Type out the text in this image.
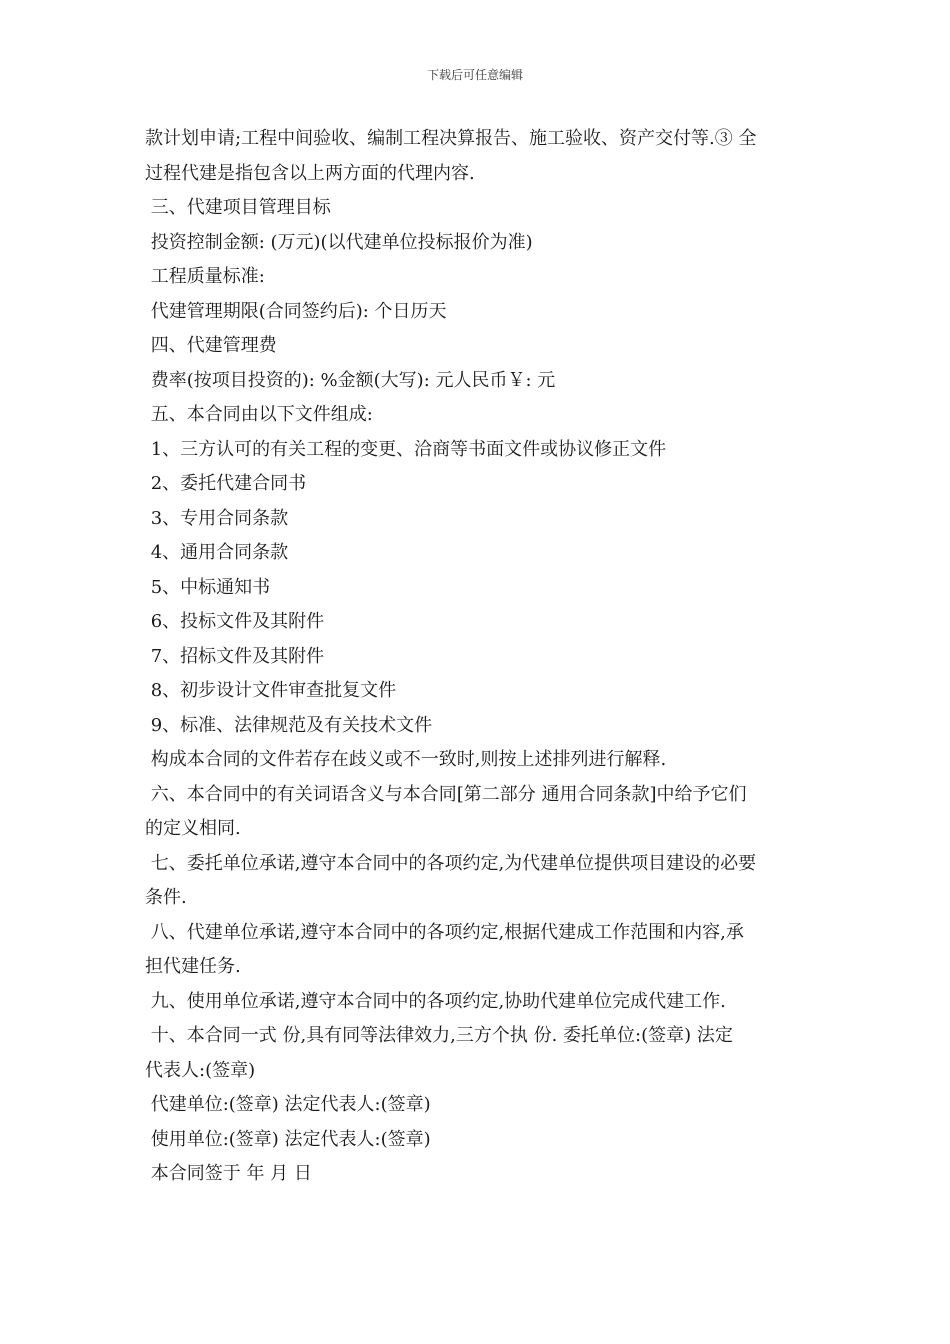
下载后可任意编辑

款计划申请;工程中间验收、编制工程决算报告、施工验收、资产交付等.③ 全

过程代建是指包含以上两方面的代理内容.

三、代建项目管理目标

投资控制金额: (万元)(以代建单位投标报价为准)

工程质量标准:

代建管理期限(合同签约后): 个日历天

四、代建管理费

费率(按项目投资的): %金额(大写): 元人民币￥: 元

五、本合同由以下文件组成:

1、三方认可的有关工程的变更、洽商等书面文件或协议修正文件

2、委托代建合同书

3、专用合同条款

4、通用合同条款

5、中标通知书

6、投标文件及其附件

7、招标文件及其附件

8、初步设计文件审查批复文件

9、标准、法律规范及有关技术文件

构成本合同的文件若存在歧义或不一致时,则按上述排列进行解释.

六、本合同中的有关词语含义与本合同[第二部分 通用合同条款]中给予它们

的定义相同.

七、委托单位承诺,遵守本合同中的各项约定,为代建单位提供项目建设的必要

条件.

八、代建单位承诺,遵守本合同中的各项约定,根据代建成工作范围和内容,承

担代建任务.

九、使用单位承诺,遵守本合同中的各项约定,协助代建单位完成代建工作.

十、本合同一式 份,具有同等法律效力,三方个执 份. 委托单位:(签章) 法定

代表人:(签章)

代建单位:(签章) 法定代表人:(签章)

使用单位:(签章) 法定代表人:(签章)

本合同签于 年 月 日
